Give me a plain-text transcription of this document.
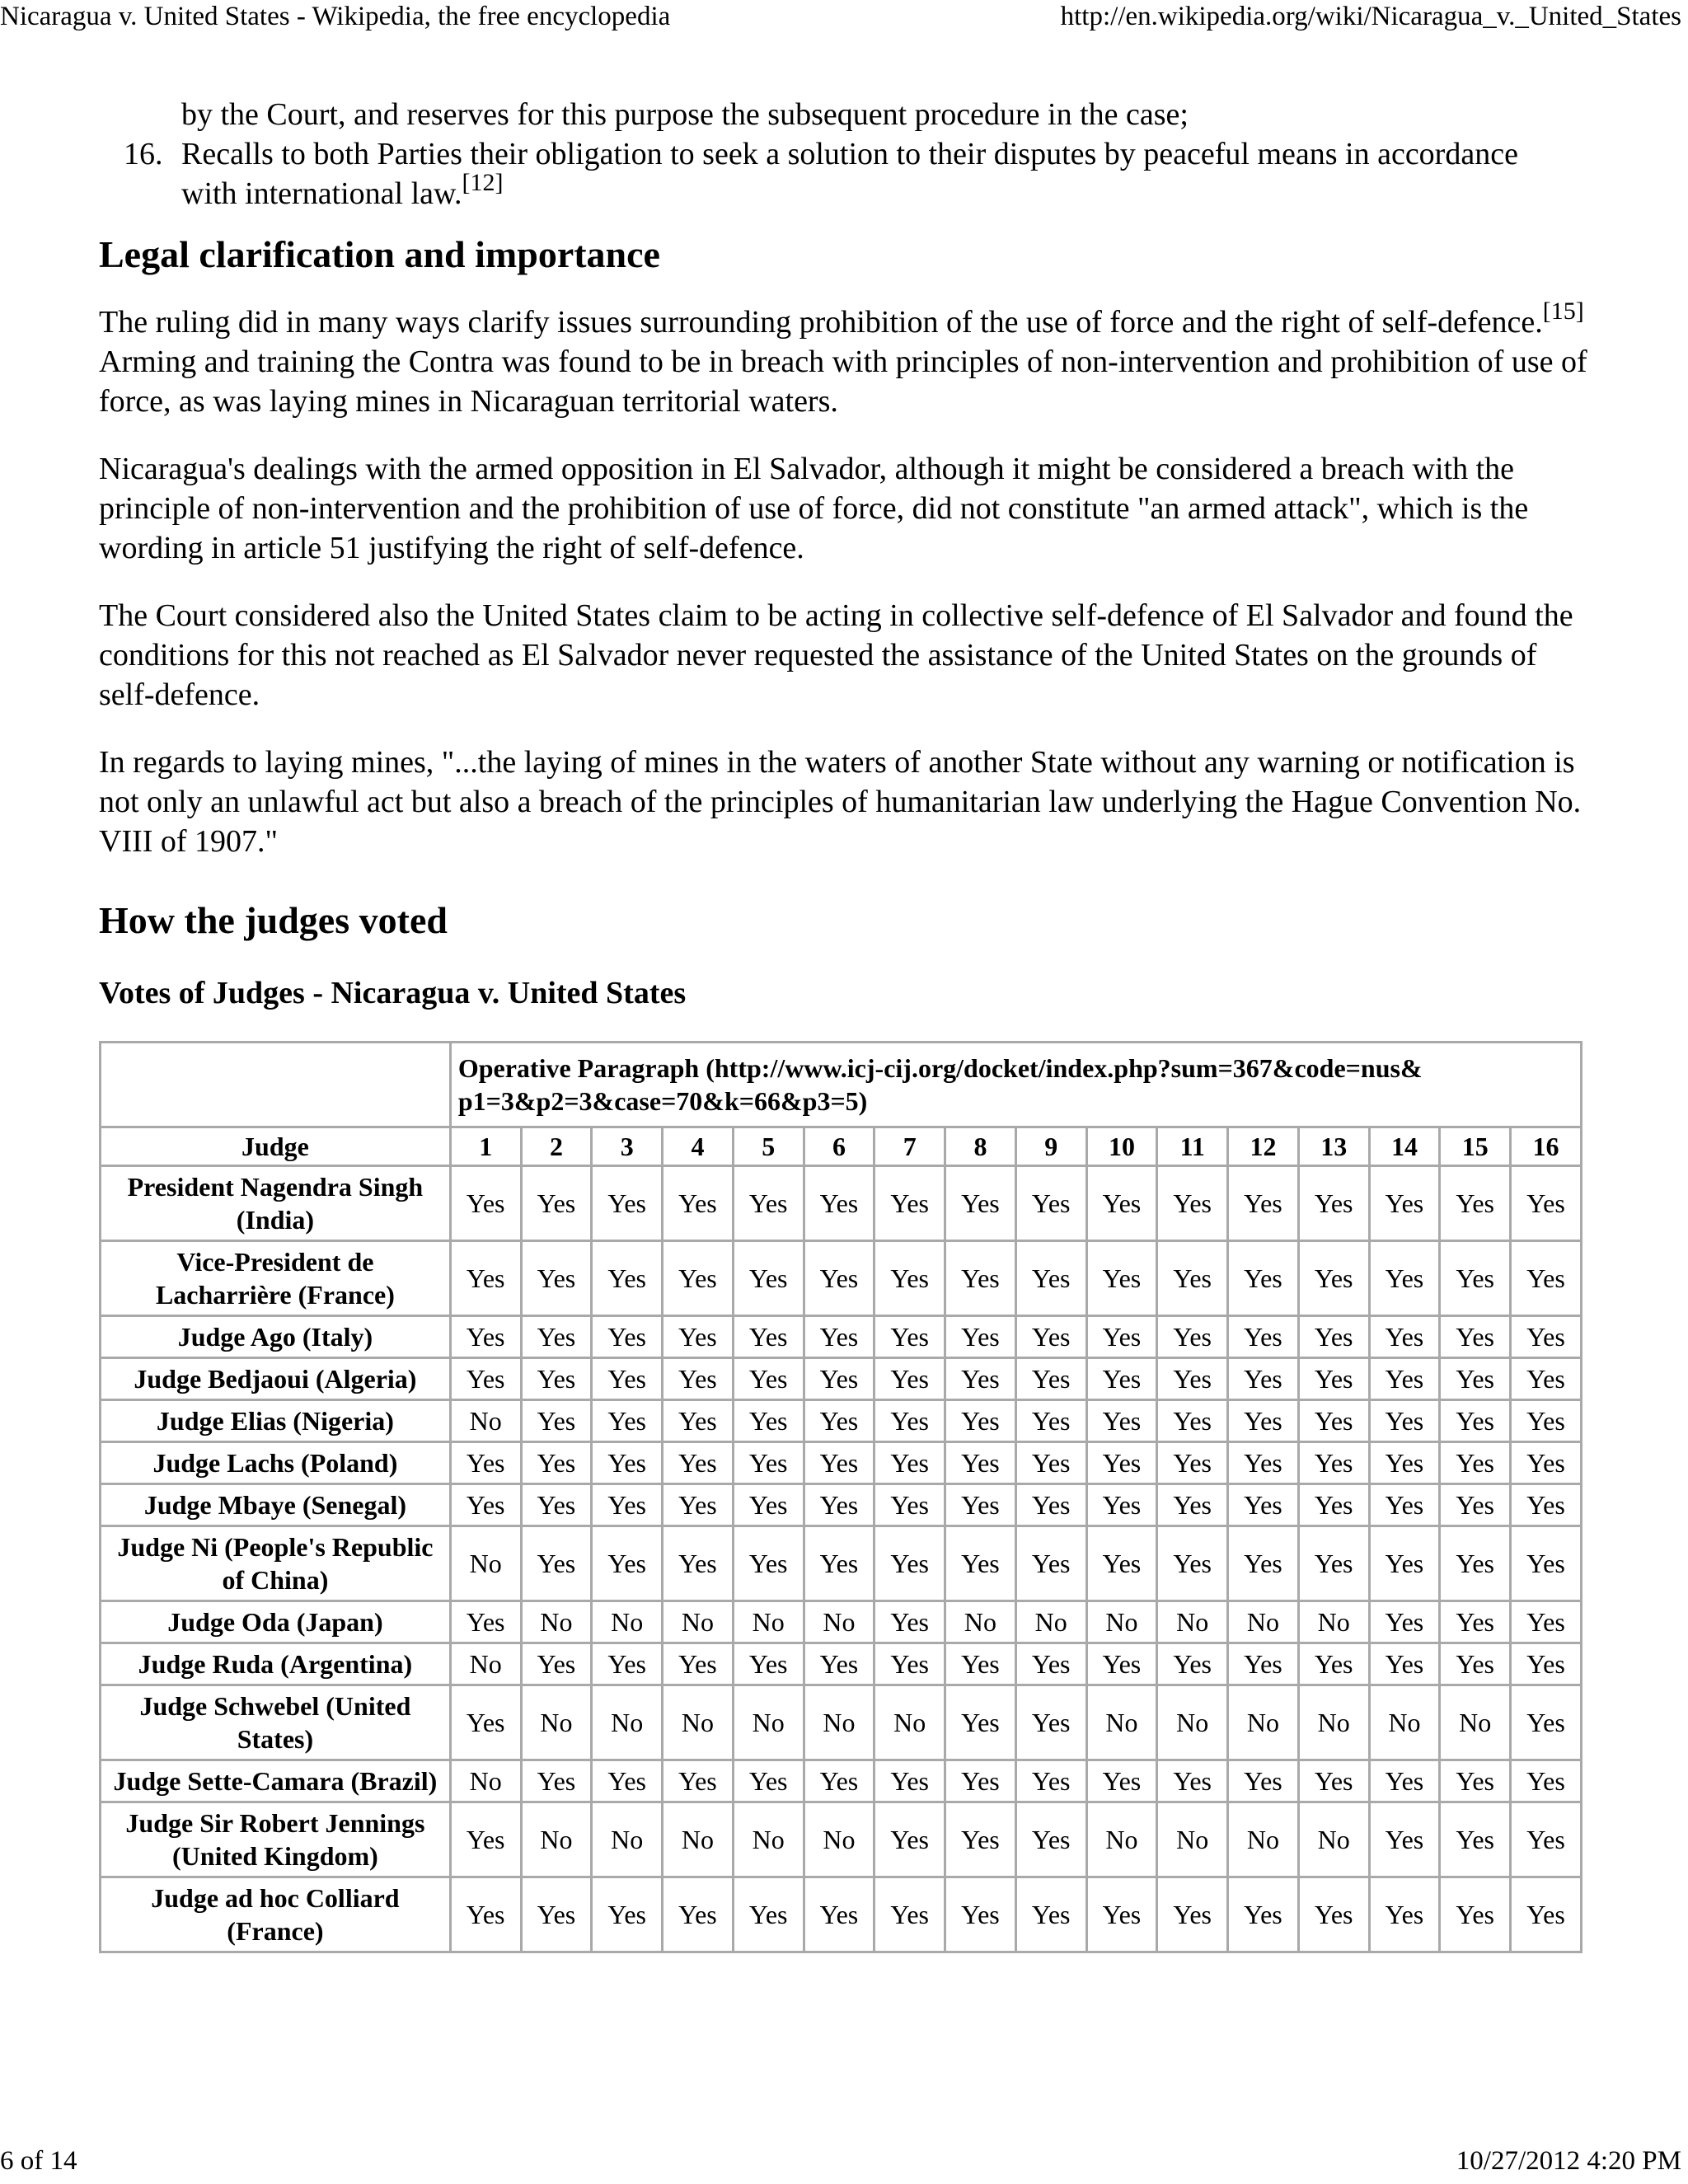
Nicaragua v. United States - Wikipedia, the free encyclopedia	http://en.wikipedia.org/wiki/Nicaragua_v._United_States
by the Court, and reserves for this purpose the subsequent procedure in the case;
16. Recalls to both Parties their obligation to seek a solution to their disputes by peaceful means in accordance
with international law.[12]
Legal clarification and importance

The ruling did in many ways clarify issues surrounding prohibition of the use of force and the right of self-defence.[15] Arming and training the Contra was found to be in breach with principles of non-intervention and prohibition of use of force, as was laying mines in Nicaraguan territorial waters.

Nicaragua's dealings with the armed opposition in El Salvador, although it might be considered a breach with the principle of non-intervention and the prohibition of use of force, did not constitute "an armed attack", which is the wording in article 51 justifying the right of self-defence.

The Court considered also the United States claim to be acting in collective self-defence of El Salvador and found the conditions for this not reached as El Salvador never requested the assistance of the United States on the grounds of self-defence.

In regards to laying mines, "...the laying of mines in the waters of another State without any warning or notification is not only an unlawful act but also a breach of the principles of humanitarian law underlying the Hague Convention No. VIII of 1907."

How the judges voted
Votes of Judges - Nicaragua v. United States
	Operative Paragraph (http://www.icj-cij.org/docket/index.php?sum=367&code=nus& p1=3&p2=3&case=70&k=66&p3=5)															
Judge	1	2	3	4	5	6	7	8	9	10	11	12	13	14	15	16
President Nagendra Singh (India)	Yes	Yes	Yes	Yes	Yes	Yes	Yes	Yes	Yes	Yes	Yes	Yes	Yes	Yes	Yes	Yes
Vice-President de Lacharrière (France)	Yes	Yes	Yes	Yes	Yes	Yes	Yes	Yes	Yes	Yes	Yes	Yes	Yes	Yes	Yes	Yes
Judge Ago (Italy)	Yes	Yes	Yes	Yes	Yes	Yes	Yes	Yes	Yes	Yes	Yes	Yes	Yes	Yes	Yes	Yes
Judge Bedjaoui (Algeria)	Yes	Yes	Yes	Yes	Yes	Yes	Yes	Yes	Yes	Yes	Yes	Yes	Yes	Yes	Yes	Yes
Judge Elias (Nigeria)	No	Yes	Yes	Yes	Yes	Yes	Yes	Yes	Yes	Yes	Yes	Yes	Yes	Yes	Yes	Yes
Judge Lachs (Poland)	Yes	Yes	Yes	Yes	Yes	Yes	Yes	Yes	Yes	Yes	Yes	Yes	Yes	Yes	Yes	Yes
Judge Mbaye (Senegal)	Yes	Yes	Yes	Yes	Yes	Yes	Yes	Yes	Yes	Yes	Yes	Yes	Yes	Yes	Yes	Yes
Judge Ni (People's Republic of China)	No	Yes	Yes	Yes	Yes	Yes	Yes	Yes	Yes	Yes	Yes	Yes	Yes	Yes	Yes	Yes
Judge Oda (Japan)	Yes	No	No	No	No	No	Yes	No	No	No	No	No	No	Yes	Yes	Yes
Judge Ruda (Argentina)	No	Yes	Yes	Yes	Yes	Yes	Yes	Yes	Yes	Yes	Yes	Yes	Yes	Yes	Yes	Yes
Judge Schwebel (United States)	Yes	No	No	No	No	No	No	Yes	Yes	No	No	No	No	No	No	Yes
Judge Sette-Camara (Brazil)	No	Yes	Yes	Yes	Yes	Yes	Yes	Yes	Yes	Yes	Yes	Yes	Yes	Yes	Yes	Yes
Judge Sir Robert Jennings (United Kingdom)	Yes	No	No	No	No	No	Yes	Yes	Yes	No	No	No	No	Yes	Yes	Yes
Judge ad hoc Colliard (France)	Yes	Yes	Yes	Yes	Yes	Yes	Yes	Yes	Yes	Yes	Yes	Yes	Yes	Yes	Yes	Yes
6 of 14	10/27/2012 4:20 PM
